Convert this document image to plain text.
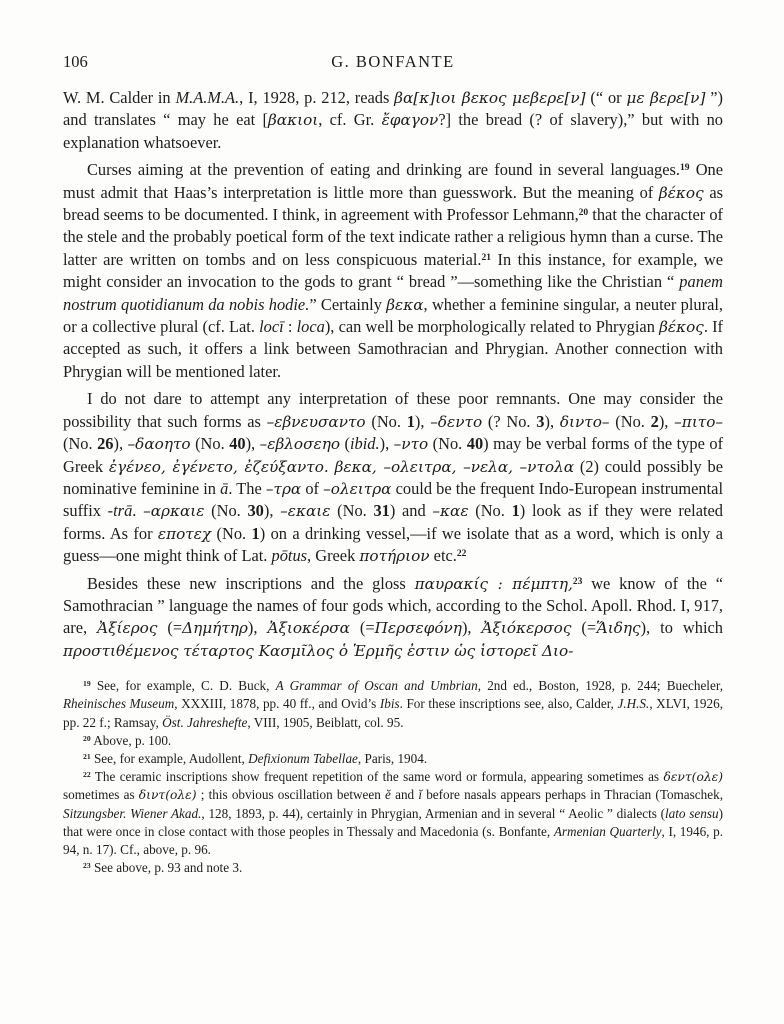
106	G. BONFANTE

W. M. Calder in M.A.M.A., I, 1928, p. 212, reads βα[κ]ιοι βεκος μεβερε[ν] (“ or με βερε[ν] ”) and translates “ may he eat [βακιοι, cf. Gr. ἔφαγον?] the bread (? of slavery),” but with no explanation whatsoever.

Curses aiming at the prevention of eating and drinking are found in several languages.$^{19}$ One must admit that Haas’s interpretation is little more than guesswork. But the meaning of βέκος as bread seems to be documented. I think, in agreement with Professor Lehmann,$^{20}$ that the character of the stele and the probably poetical form of the text indicate rather a religious hymn than a curse. The latter are written on tombs and on less conspicuous material.$^{21}$ In this instance, for example, we might consider an invocation to the gods to grant “ bread ”—something like the Christian “ panem nostrum quotidianum da nobis hodie.” Certainly βεκα, whether a feminine singular, a neuter plural, or a collective plural (cf. Lat. locī : loca), can well be morphologically related to Phrygian βέκος. If accepted as such, it offers a link between Samothracian and Phrygian. Another connection with Phrygian will be mentioned later.

I do not dare to attempt any interpretation of these poor remnants. One may consider the possibility that such forms as –εβνευσαντο (No. 1), –δεντο (? No. 3), διντο– (No. 2), –πιτο– (No. 26), –δαοητο (No. 40), –εβλοσεηο (ibid.), –ντο (No. 40) may be verbal forms of the type of Greek ἐγένεο, ἐγένετο, ἐζεύξαντο. βεκα, –ολειτρα, –νελα, –ντολα (2) could possibly be nominative feminine in ā. The –τρα of –ολειτρα could be the frequent Indo-European instrumental suffix -trā. –αρκαιε (No. 30), –εκαιε (No. 31) and –καε (No. 1) look as if they were related forms. As for εποτεχ (No. 1) on a drinking vessel,—if we isolate that as a word, which is only a guess—one might think of Lat. pōtus, Greek ποτήριον etc.$^{22}$

Besides these new inscriptions and the gloss παυρακίς : πέμπτη,$^{23}$ we know of the “ Samothracian ” language the names of four gods which, according to the Schol. Apoll. Rhod. I, 917, are, Ἀξίερος (=Δημήτηρ), Ἀξιοκέρσα (=Περσεφόνη), Ἀξιόκερσος (=Ἅιδης), to which προστιθέμενος τέταρτος Κασμῖλος ὁ Ἑρμῆς ἐστιν ὡς ἱστορεῖ Διο-

$^{19}$ See, for example, C. D. Buck, A Grammar of Oscan and Umbrian, 2nd ed., Boston, 1928, p. 244; Buecheler, Rheinisches Museum, XXXIII, 1878, pp. 40 ff., and Ovid’s Ibis. For these inscriptions see, also, Calder, J.H.S., XLVI, 1926, pp. 22 f.; Ramsay, Öst. Jahreshefte, VIII, 1905, Beiblatt, col. 95.

$^{20}$ Above, p. 100.

$^{21}$ See, for example, Audollent, Defixionum Tabellae, Paris, 1904.

$^{22}$ The ceramic inscriptions show frequent repetition of the same word or formula, appearing sometimes as δεντ(ολε) sometimes as διντ(ολε) ; this obvious oscillation between ĕ and ĭ before nasals appears perhaps in Thracian (Tomaschek, Sitzungsber. Wiener Akad., 128, 1893, p. 44), certainly in Phrygian, Armenian and in several “ Aeolic ” dialects (lato sensu) that were once in close contact with those peoples in Thessaly and Macedonia (s. Bonfante, Armenian Quarterly, I, 1946, p. 94, n. 17). Cf., above, p. 96.

$^{23}$ See above, p. 93 and note 3.
